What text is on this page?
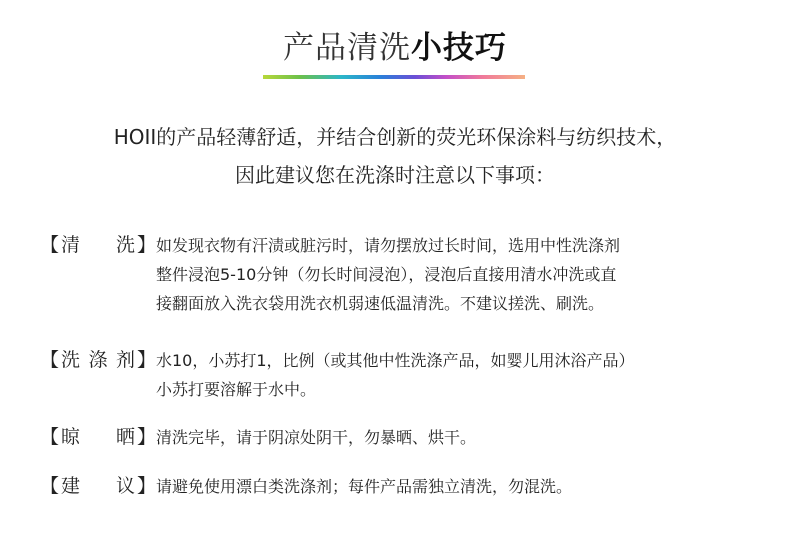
产品清洗小技巧
HOII的产品轻薄舒适，并结合创新的荧光环保涂料与纺织技术，
因此建议您在洗涤时注意以下事项：
【 清　 洗 】 如发现衣物有汗渍或脏污时，请勿摆放过长时间，选用中性洗涤剂
整件浸泡5-10分钟（勿长时间浸泡），浸泡后直接用清水冲洗或直
接翻面放入洗衣袋用洗衣机弱速低温清洗。不建议搓洗、刷洗。
【 洗涤剂 】 水10，小苏打1，比例（或其他中性洗涤产品，如婴儿用沐浴产品）
小苏打要溶解于水中。
【 晾　 晒 】 清洗完毕，请于阴凉处阴干，勿暴晒、烘干。
【 建　 议 】 请避免使用漂白类洗涤剂；每件产品需独立清洗，勿混洗。
